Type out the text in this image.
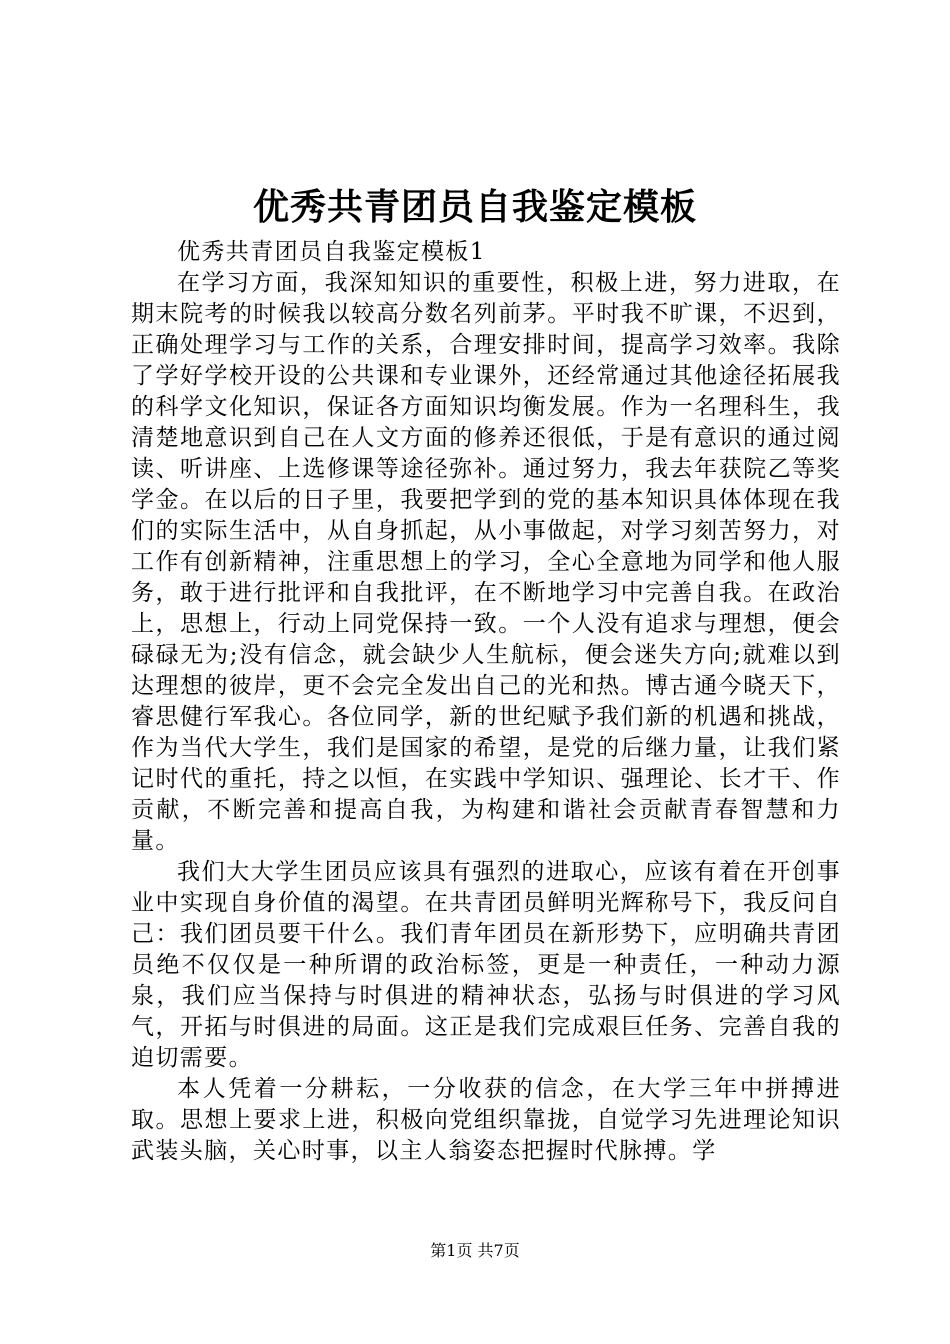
优秀共青团员自我鉴定模板

优秀共青团员自我鉴定模板1

在学习方面，我深知知识的重要性，积极上进，努力进取，在期末院考的时候我以较高分数名列前茅。平时我不旷课，不迟到，正确处理学习与工作的关系，合理安排时间，提高学习效率。我除了学好学校开设的公共课和专业课外，还经常通过其他途径拓展我的科学文化知识，保证各方面知识均衡发展。作为一名理科生，我清楚地意识到自己在人文方面的修养还很低，于是有意识的通过阅读、听讲座、上选修课等途径弥补。通过努力，我去年获院乙等奖学金。在以后的日子里，我要把学到的党的基本知识具体体现在我们的实际生活中，从自身抓起，从小事做起，对学习刻苦努力，对工作有创新精神，注重思想上的学习，全心全意地为同学和他人服务，敢于进行批评和自我批评，在不断地学习中完善自我。在政治上，思想上，行动上同党保持一致。一个人没有追求与理想，便会碌碌无为;没有信念，就会缺少人生航标，便会迷失方向;就难以到达理想的彼岸，更不会完全发出自己的光和热。博古通今晓天下，睿思健行军我心。各位同学，新的世纪赋予我们新的机遇和挑战，作为当代大学生，我们是国家的希望，是党的后继力量，让我们紧记时代的重托，持之以恒，在实践中学知识、强理论、长才干、作贡献，不断完善和提高自我，为构建和谐社会贡献青春智慧和力量。

我们大大学生团员应该具有强烈的进取心，应该有着在开创事业中实现自身价值的渴望。在共青团员鲜明光辉称号下，我反问自己：我们团员要干什么。我们青年团员在新形势下，应明确共青团员绝不仅仅是一种所谓的政治标签，更是一种责任，一种动力源泉，我们应当保持与时俱进的精神状态，弘扬与时俱进的学习风气，开拓与时俱进的局面。这正是我们完成艰巨任务、完善自我的迫切需要。

本人凭着一分耕耘，一分收获的信念，在大学三年中拼搏进取。思想上要求上进，积极向党组织靠拢，自觉学习先进理论知识武装头脑，关心时事，以主人翁姿态把握时代脉搏。学

第1页 共7页
